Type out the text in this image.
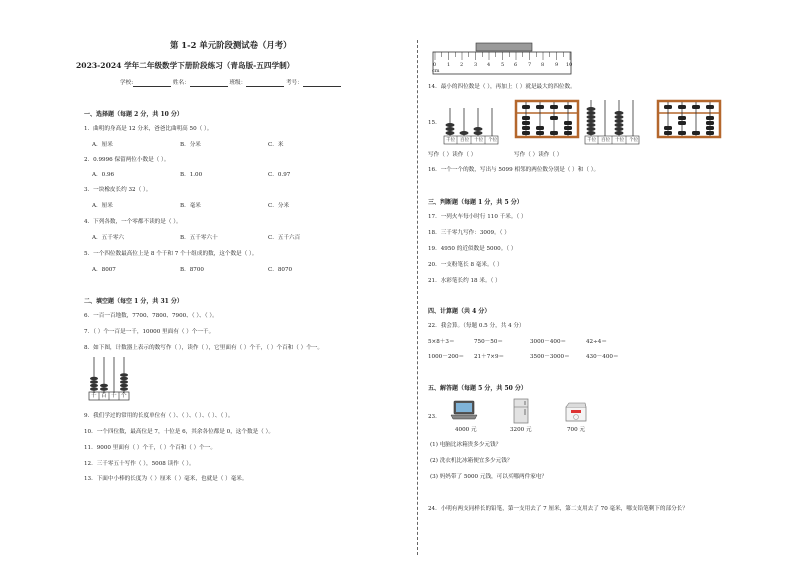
第 1-2 单元阶段测试卷（月考）
2023-2024 学年二年级数学下册阶段练习（青岛版-五四学制）
学校:	姓名：	班级：	考号：
一、选择题（每题 2 分，共 10 分）
1．曲明的身高是 12 分米，爸爸比曲明高 50（ ）。
A．厘米	B．分米	C．米
2．0.9996 保留两位小数是（ ）。
A．0.96	B．1.00	C．0.97
3．一块橡皮长约 32（ ）。
A．厘米	B．毫米	C．分米
4．下列各数，一个零都不读的是（ ）。
A．五千零六	B．五千零六十	C．五千六百
5．一个四位数最高位上是 8 个千和 7 个十组成的数，这个数是（ ）。
A．8007	B．8700	C．8070
二、填空题（每空 1 分，共 31 分）
6．一百一百地数，7700、7800、7900、（ ）、（ ）。
7．（ ）个一百是一千，10000 里面有（ ）个一千。
8．如下图，计数器上表示的数写作（ ），读作（ ），它里面有（ ）个千，（ ）个百和（ ）个一。
千 百 十 个
9．我们学过的常用的长度单位有（ ）、（ ）、（ ）、（ ）、（ ）。
10．一个四位数，最高位是 7，十位是 6，其余各位都是 0，这个数是（ ）。
11．9000 里面有（ ）个千，（ ）个百和（ ）个一。
12．三千零五十写作（ ），5008 读作（ ）。
13．下面中小棒的长度为（ ）厘米（ ）毫米，也就是（ ）毫米。
cm
0 1 2 3 4 5 6 7 8 9 10
14．最小的四位数是（ ），再加上（ ）就是最大的四位数。
15．
千位 百位 十位 个位	千位 百位 十位 个位
写作（ ）读作（ ）	写作（ ）读作（ ）
16．一个一个的数，写出与 5099 相邻的两位数分别是（ ）和（ ）。
三、判断题（每题 1 分，共 5 分）
17．一列火车每小时行 110 千米。（ ）
18．三千零九写作：3009。（ ）
19．4950 的近似数是 5000。（ ）
20．一支粉笔长 8 毫米。（ ）
21．水彩笔长约 18 米。（ ）
四、计算题（共 4 分）
22．我会算。（每题 0.5 分，共 4 分）
5×8＋3＝	750－50＝	3000－400＝	42÷4＝
1000－200＝ 21＋7×9＝	3500－3000＝	430－400＝
五、解答题（每题 5 分，共 50 分）
23．
4000 元	3200 元	700 元
(1) 电脑比冰箱贵多少元钱？
(2) 洗衣机比冰箱便宜多少元钱？
(3) 妈妈带了 5000 元钱，可以买哪两件家电？
24．小明有两支同样长的铅笔，第一支用去了 7 厘米，第二支用去了 70 毫米，哪支铅笔剩下的部分长？
